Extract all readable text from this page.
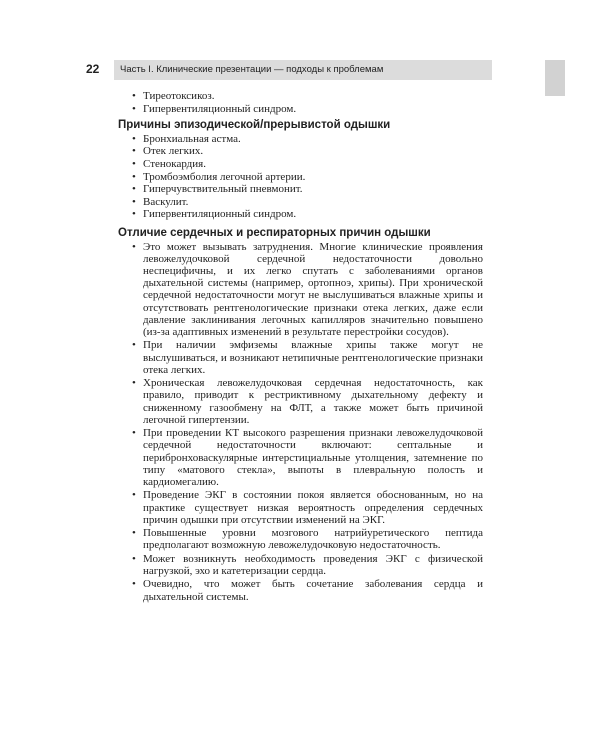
22 Часть I. Клинические презентации — подходы к проблемам
• Тиреотоксикоз.
• Гипервентиляционный синдром.
Причины эпизодической/прерывистой одышки
• Бронхиальная астма.
• Отек легких.
• Стенокардия.
• Тромбоэмболия легочной артерии.
• Гиперчувствительный пневмонит.
• Васкулит.
• Гипервентиляционный синдром.
Отличие сердечных и респираторных причин одышки
• Это может вызывать затруднения. Многие клинические проявления левожелудочковой сердечной недостаточности довольно неспецифичны, и их легко спутать с заболеваниями органов дыхательной системы (например, ортопноэ, хрипы). При хронической сердечной недостаточности могут не выслушиваться влажные хрипы и отсутствовать рентгенологические признаки отека легких, даже если давление заклинивания легочных капилляров значительно повышено (из-за адаптивных изменений в результате перестройки сосудов).
• При наличии эмфиземы влажные хрипы также могут не выслушиваться, и возникают нетипичные рентгенологические признаки отека легких.
• Хроническая левожелудочковая сердечная недостаточность, как правило, приводит к рестриктивному дыхательному дефекту и сниженному газообмену на ФЛТ, а также может быть причиной легочной гипертензии.
• При проведении КТ высокого разрешения признаки левожелудочковой сердечной недостаточности включают: септальные и перибронховаскулярные интерстициальные утолщения, затемнение по типу «матового стекла», выпоты в плевральную полость и кардиомегалию.
• Проведение ЭКГ в состоянии покоя является обоснованным, но на практике существует низкая вероятность определения сердечных причин одышки при отсутствии изменений на ЭКГ.
• Повышенные уровни мозгового натрийуретического пептида предполагают возможную левожелудочковую недостаточность.
• Может возникнуть необходимость проведения ЭКГ с физической нагрузкой, эхо и катетеризации сердца.
• Очевидно, что может быть сочетание заболевания сердца и дыхательной системы.
